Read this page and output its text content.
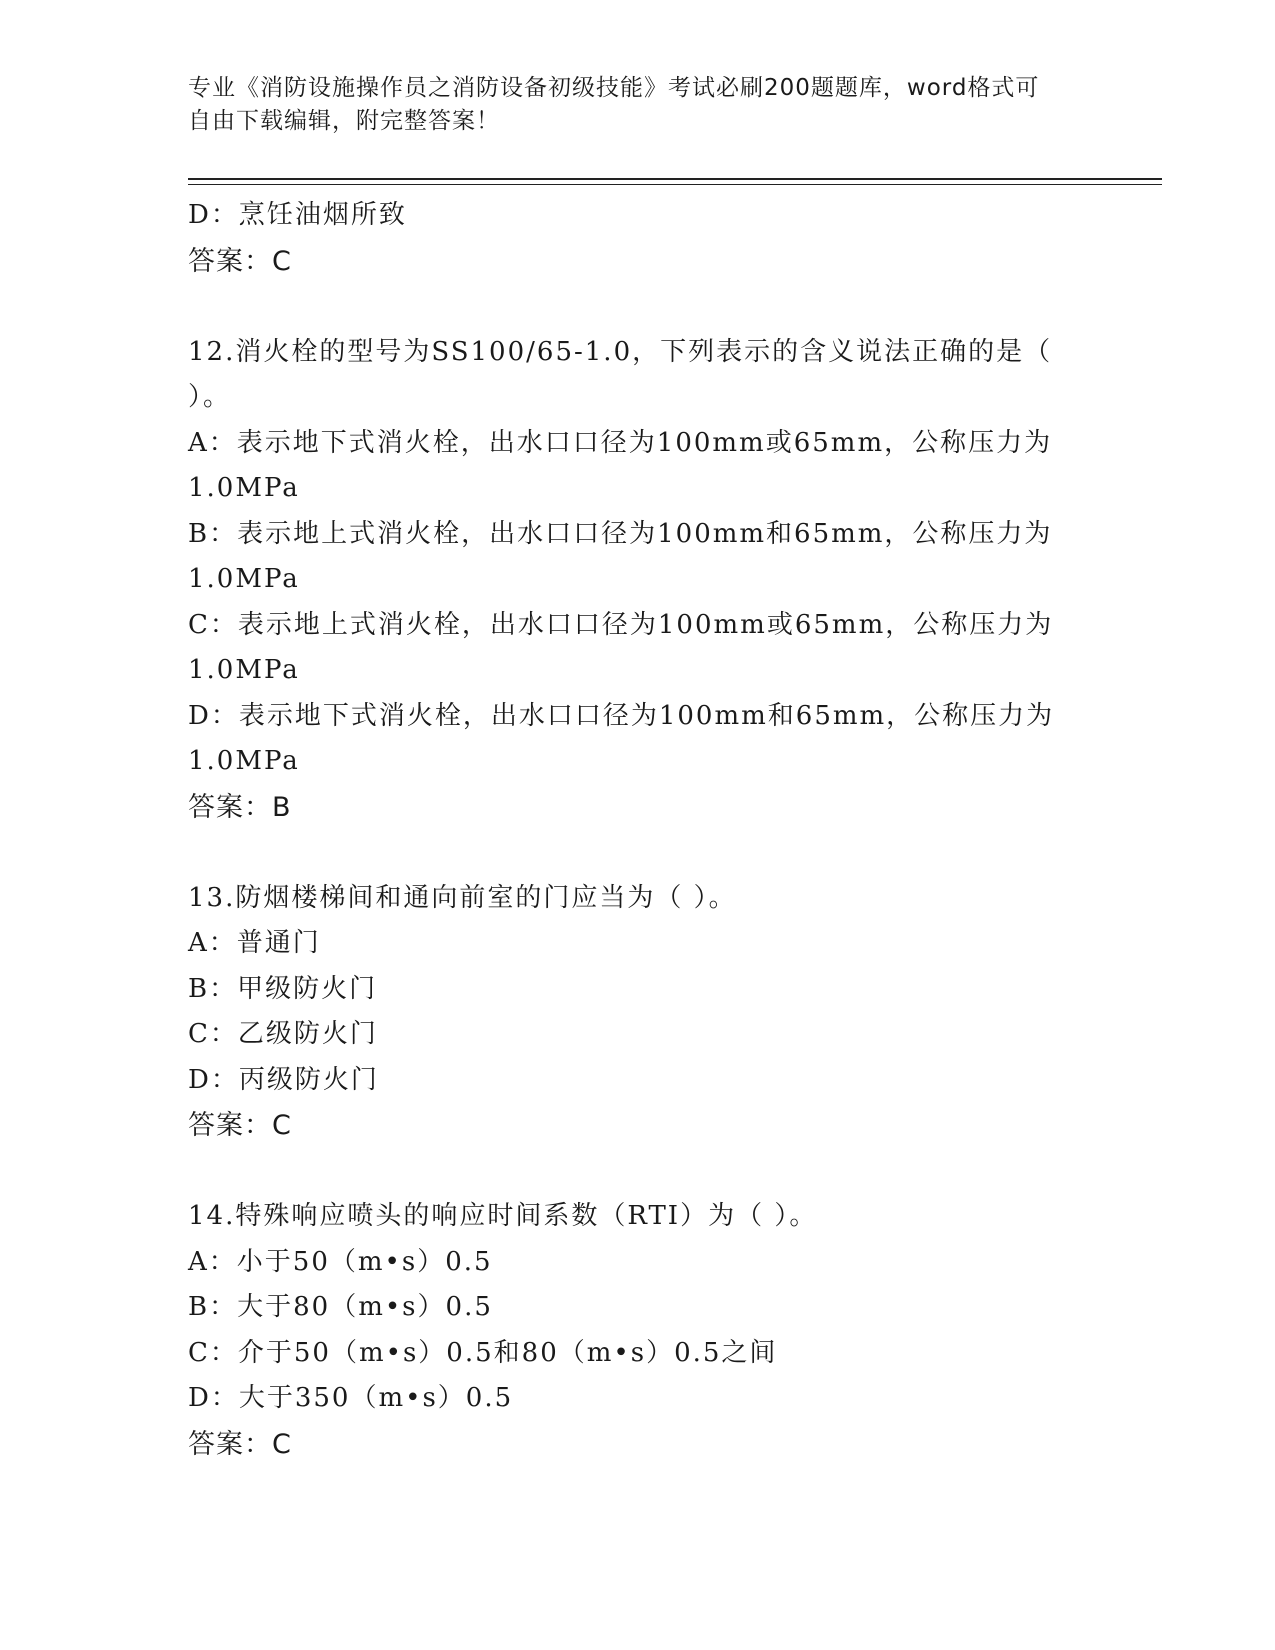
专业《消防设施操作员之消防设备初级技能》考试必刷200题题库，word格式可
自由下载编辑，附完整答案！
D：烹饪油烟所致
答案：C
12.消火栓的型号为SS100/65-1.0，下列表示的含义说法正确的是（
）。
A：表示地下式消火栓，出水口口径为100mm或65mm，公称压力为
1.0MPa
B：表示地上式消火栓，出水口口径为100mm和65mm，公称压力为
1.0MPa
C：表示地上式消火栓，出水口口径为100mm或65mm，公称压力为
1.0MPa
D：表示地下式消火栓，出水口口径为100mm和65mm，公称压力为
1.0MPa
答案：B
13.防烟楼梯间和通向前室的门应当为（ ）。
A：普通门
B：甲级防火门
C：乙级防火门
D：丙级防火门
答案：C
14.特殊响应喷头的响应时间系数（RTI）为（ ）。
A：小于50（m•s）0.5
B：大于80（m•s）0.5
C：介于50（m•s）0.5和80（m•s）0.5之间
D：大于350（m•s）0.5
答案：C
